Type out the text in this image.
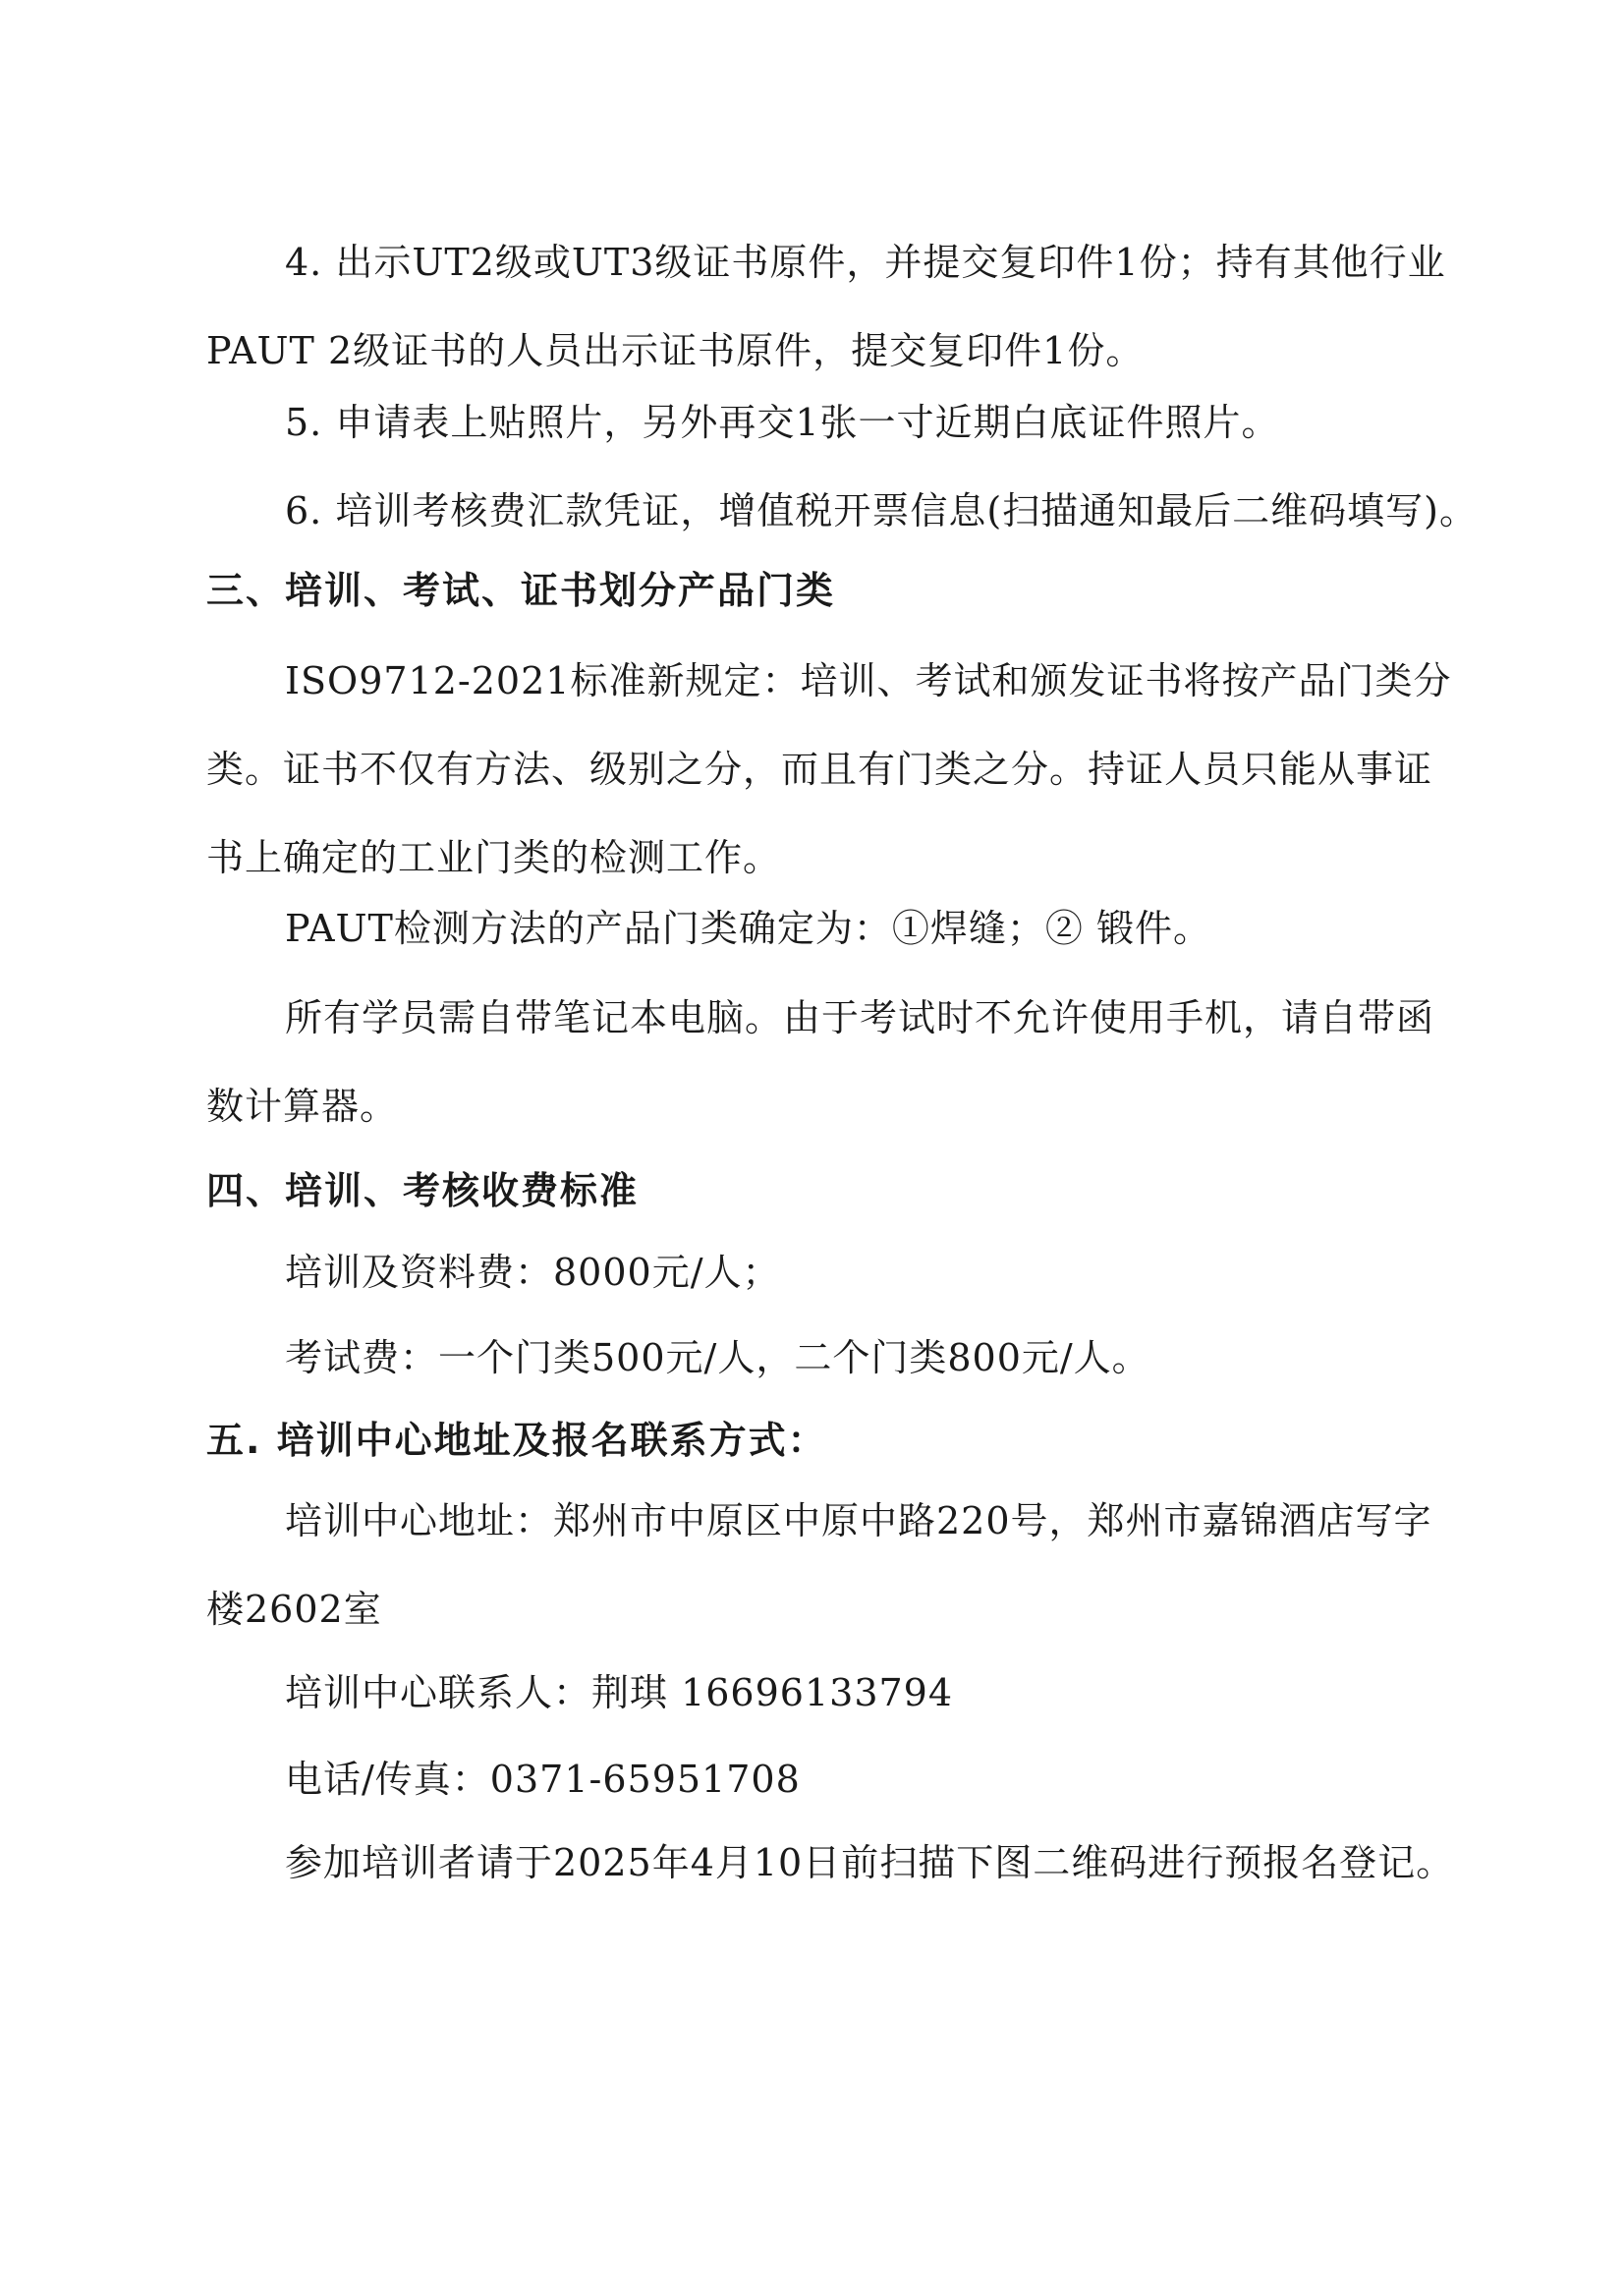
4. 出示UT2级或UT3级证书原件，并提交复印件1份；持有其他行业PAUT 2级证书的人员出示证书原件，提交复印件1份。
5. 申请表上贴照片，另外再交1张一寸近期白底证件照片。
6. 培训考核费汇款凭证，增值税开票信息(扫描通知最后二维码填写)。
三、培训、考试、证书划分产品门类
ISO9712-2021标准新规定：培训、考试和颁发证书将按产品门类分类。证书不仅有方法、级别之分，而且有门类之分。持证人员只能从事证书上确定的工业门类的检测工作。
PAUT检测方法的产品门类确定为：①焊缝；② 锻件。
所有学员需自带笔记本电脑。由于考试时不允许使用手机，请自带函数计算器。
四、培训、考核收费标准
培训及资料费：8000元/人；
考试费：一个门类500元/人，二个门类800元/人。
五. 培训中心地址及报名联系方式：
培训中心地址：郑州市中原区中原中路220号，郑州市嘉锦酒店写字楼2602室
培训中心联系人：荆琪 16696133794
电话/传真：0371-65951708
参加培训者请于2025年4月10日前扫描下图二维码进行预报名登记。
